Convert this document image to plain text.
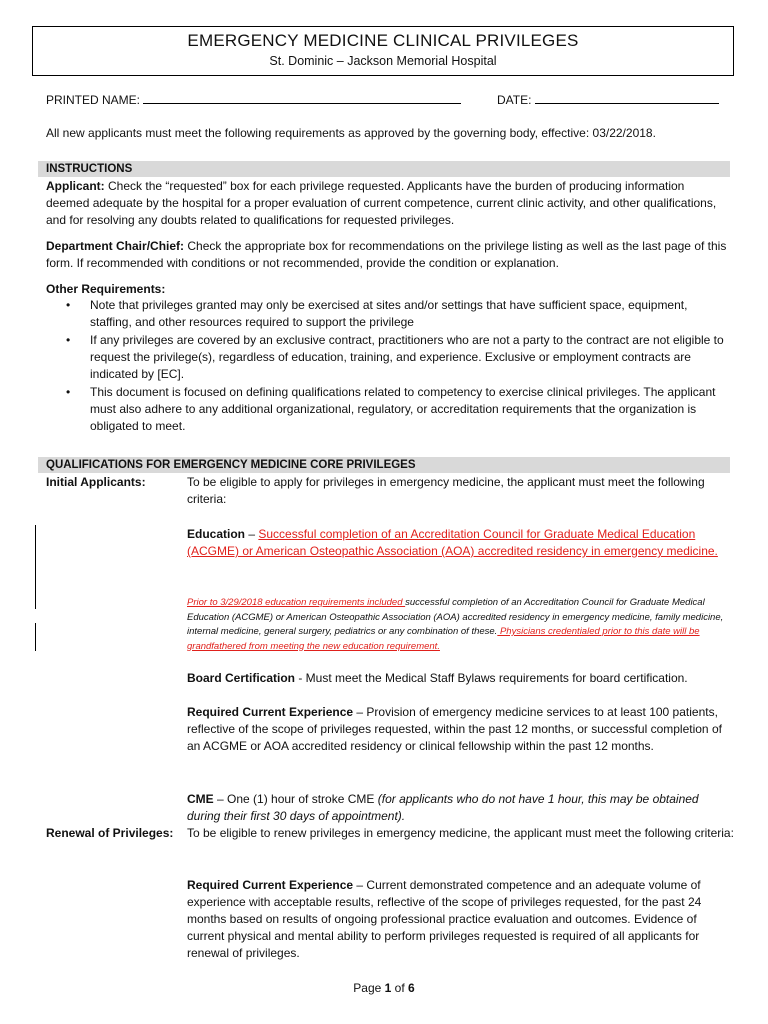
EMERGENCY MEDICINE CLINICAL PRIVILEGES
St. Dominic – Jackson Memorial Hospital
PRINTED NAME:	DATE:
All new applicants must meet the following requirements as approved by the governing body, effective: 03/22/2018.
INSTRUCTIONS
Applicant: Check the “requested” box for each privilege requested. Applicants have the burden of producing information deemed adequate by the hospital for a proper evaluation of current competence, current clinic activity, and other qualifications, and for resolving any doubts related to qualifications for requested privileges.
Department Chair/Chief: Check the appropriate box for recommendations on the privilege listing as well as the last page of this form. If recommended with conditions or not recommended, provide the condition or explanation.
Other Requirements:
• Note that privileges granted may only be exercised at sites and/or settings that have sufficient space, equipment, staffing, and other resources required to support the privilege
• If any privileges are covered by an exclusive contract, practitioners who are not a party to the contract are not eligible to request the privilege(s), regardless of education, training, and experience. Exclusive or employment contracts are indicated by [EC].
• This document is focused on defining qualifications related to competency to exercise clinical privileges. The applicant must also adhere to any additional organizational, regulatory, or accreditation requirements that the organization is obligated to meet.
QUALIFICATIONS FOR EMERGENCY MEDICINE CORE PRIVILEGES
Initial Applicants:	To be eligible to apply for privileges in emergency medicine, the applicant must meet the following criteria:
Education – Successful completion of an Accreditation Council for Graduate Medical Education (ACGME) or American Osteopathic Association (AOA) accredited residency in emergency medicine.
Prior to 3/29/2018 education requirements included successful completion of an Accreditation Council for Graduate Medical Education (ACGME) or American Osteopathic Association (AOA) accredited residency in emergency medicine, family medicine, internal medicine, general surgery, pediatrics or any combination of these. Physicians credentialed prior to this date will be grandfathered from meeting the new education requirement.
Board Certification - Must meet the Medical Staff Bylaws requirements for board certification.
Required Current Experience – Provision of emergency medicine services to at least 100 patients, reflective of the scope of privileges requested, within the past 12 months, or successful completion of an ACGME or AOA accredited residency or clinical fellowship within the past 12 months.
CME – One (1) hour of stroke CME (for applicants who do not have 1 hour, this may be obtained during their first 30 days of appointment).
Renewal of Privileges: To be eligible to renew privileges in emergency medicine, the applicant must meet the following criteria:
Required Current Experience – Current demonstrated competence and an adequate volume of experience with acceptable results, reflective of the scope of privileges requested, for the past 24 months based on results of ongoing professional practice evaluation and outcomes. Evidence of current physical and mental ability to perform privileges requested is required of all applicants for renewal of privileges.
Page 1 of 6
